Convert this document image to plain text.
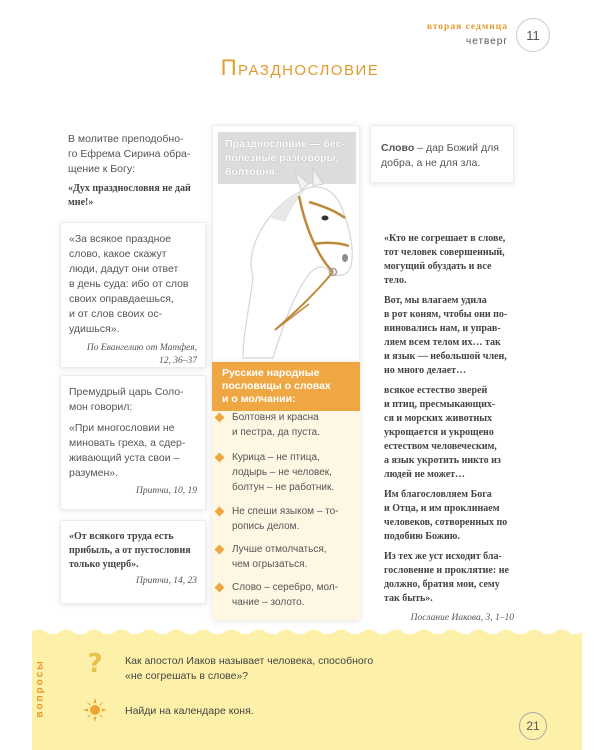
вторая седмица
четверг	11
Празднословие
В молитве преподобно-
го Ефрема Сирина обра-
щение к Богу:
«Дух празднословия не дай мне!»
«За всякое праздное
слово, какое скажут
люди, дадут они ответ
в день суда: ибо от слов
своих оправдаешься,
и от слов своих ос-
удишься».
По Евангелию от Матфея,
12, 36–37
Премудрый царь Соло-
мон говорил:
«При многословии не
миновать греха, а сдер-
живающий уста свои –
разумен».
Притчи, 10, 19
«От всякого труда есть
прибыль, а от пустословия
только ущерб».
Притчи, 14, 23
Празднословие — бес-
полезные разговоры,
болтовня.
Русские народные
пословицы о словах
и о молчании:
Болтовня и красна
и пестра, да пуста.
Курица – не птица,
лодырь – не человек,
болтун – не работник.
Не спеши языком – то-
ропись делом.
Лучше отмолчаться,
чем огрызаться.
Слово – серебро, мол-
чание – золото.
Слово – дар Божий для
добра, а не для зла.
«Кто не согрешает в слове,
тот человек совершенный,
могущий обуздать и все
тело.
Вот, мы влагаем удила
в рот коням, чтобы они по-
виновались нам, и управ-
ляем всем телом их… так
и язык — небольшой член,
но много делает…
всякое естество зверей
и птиц, пресмыкающих-
ся и морских животных
укрощается и укрощено
естеством человеческим,
а язык укротить никто из
людей не может…
Им благословляем Бога
и Отца, и им проклинаем
человеков, сотворенных по
подобию Божию.
Из тех же уст исходит бла-
гословение и проклятие: не
должно, братия мои, сему
так быть».
Послание Иакова, 3, 1–10
вопросы ?	Как апостол Иаков называет человека, способного
«не согрешать в слове»?
Найди на календаре коня.
21
